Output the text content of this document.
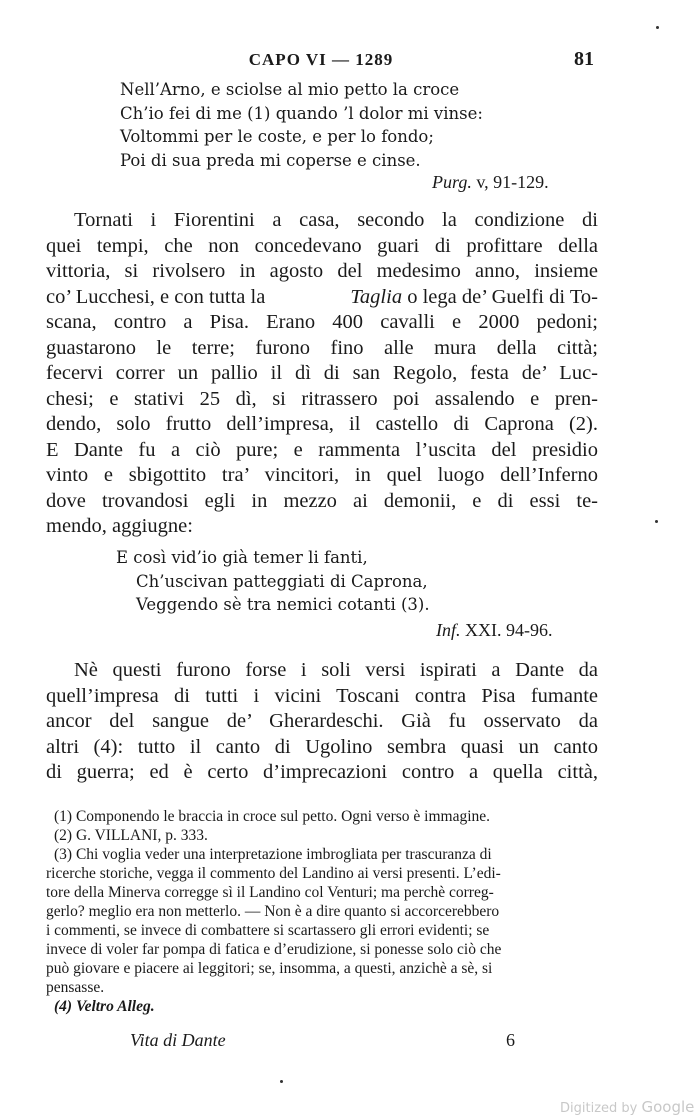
CAPO VI — 1289	81
Nell’Arno, e sciolse al mio petto la croce
Ch’io fei di me (1) quando ’l dolor mi vinse:
Voltommi per le coste, e per lo fondo;
Poi di sua preda mi coperse e cinse.
Purg. v, 91-129.
Tornati i Fiorentini a casa, secondo la condizione di
quei tempi, che non concedevano guari di profittare della
vittoria, si rivolsero in agosto del medesimo anno, insieme
co’ Lucchesi, e con tutta la	Taglia o lega de’ Guelfi di To-
scana, contro a Pisa. Erano 400 cavalli e 2000 pedoni;
guastarono le terre; furono fino alle mura della città;
fecervi correr un pallio il dì di san Regolo, festa de’ Luc-
chesi; e stativi 25 dì, si ritrassero poi assalendo e pren-
dendo, solo frutto dell’impresa, il castello di Caprona (2).
E Dante fu a ciò pure; e rammenta l’uscita del presidio
vinto e sbigottito tra’ vincitori, in quel luogo dell’Inferno
dove trovandosi egli in mezzo ai demonii, e di essi te-
mendo, aggiugne:
E così vid’io già temer li fanti,
Ch’uscivan patteggiati di Caprona,
Veggendo sè tra nemici cotanti (3).
Inf. XXI. 94-96.
Nè questi furono forse i soli versi ispirati a Dante da
quell’impresa di tutti i vicini Toscani contra Pisa fumante
ancor del sangue de’ Gherardeschi. Già fu osservato da
altri (4): tutto il canto di Ugolino sembra quasi un canto
di guerra; ed è certo d’imprecazioni contro a quella città,
(1) Componendo le braccia in croce sul petto. Ogni verso è immagine.
(2) G. VILLANI, p. 333.
(3) Chi voglia veder una interpretazione imbrogliata per trascuranza di
ricerche storiche, vegga il commento del Landino ai versi presenti. L’edi-
tore della Minerva corregge sì il Landino col Venturi; ma perchè correg-
gerlo? meglio era non metterlo. — Non è a dire quanto si accorcerebbero
i commenti, se invece di combattere si scartassero gli errori evidenti; se
invece di voler far pompa di fatica e d’erudizione, si ponesse solo ciò che
può giovare e piacere ai leggitori; se, insomma, a questi, anzichè a sè, si
pensasse.
(4) Veltro Alleg.
Vita di Dante	6
Digitized by Google
